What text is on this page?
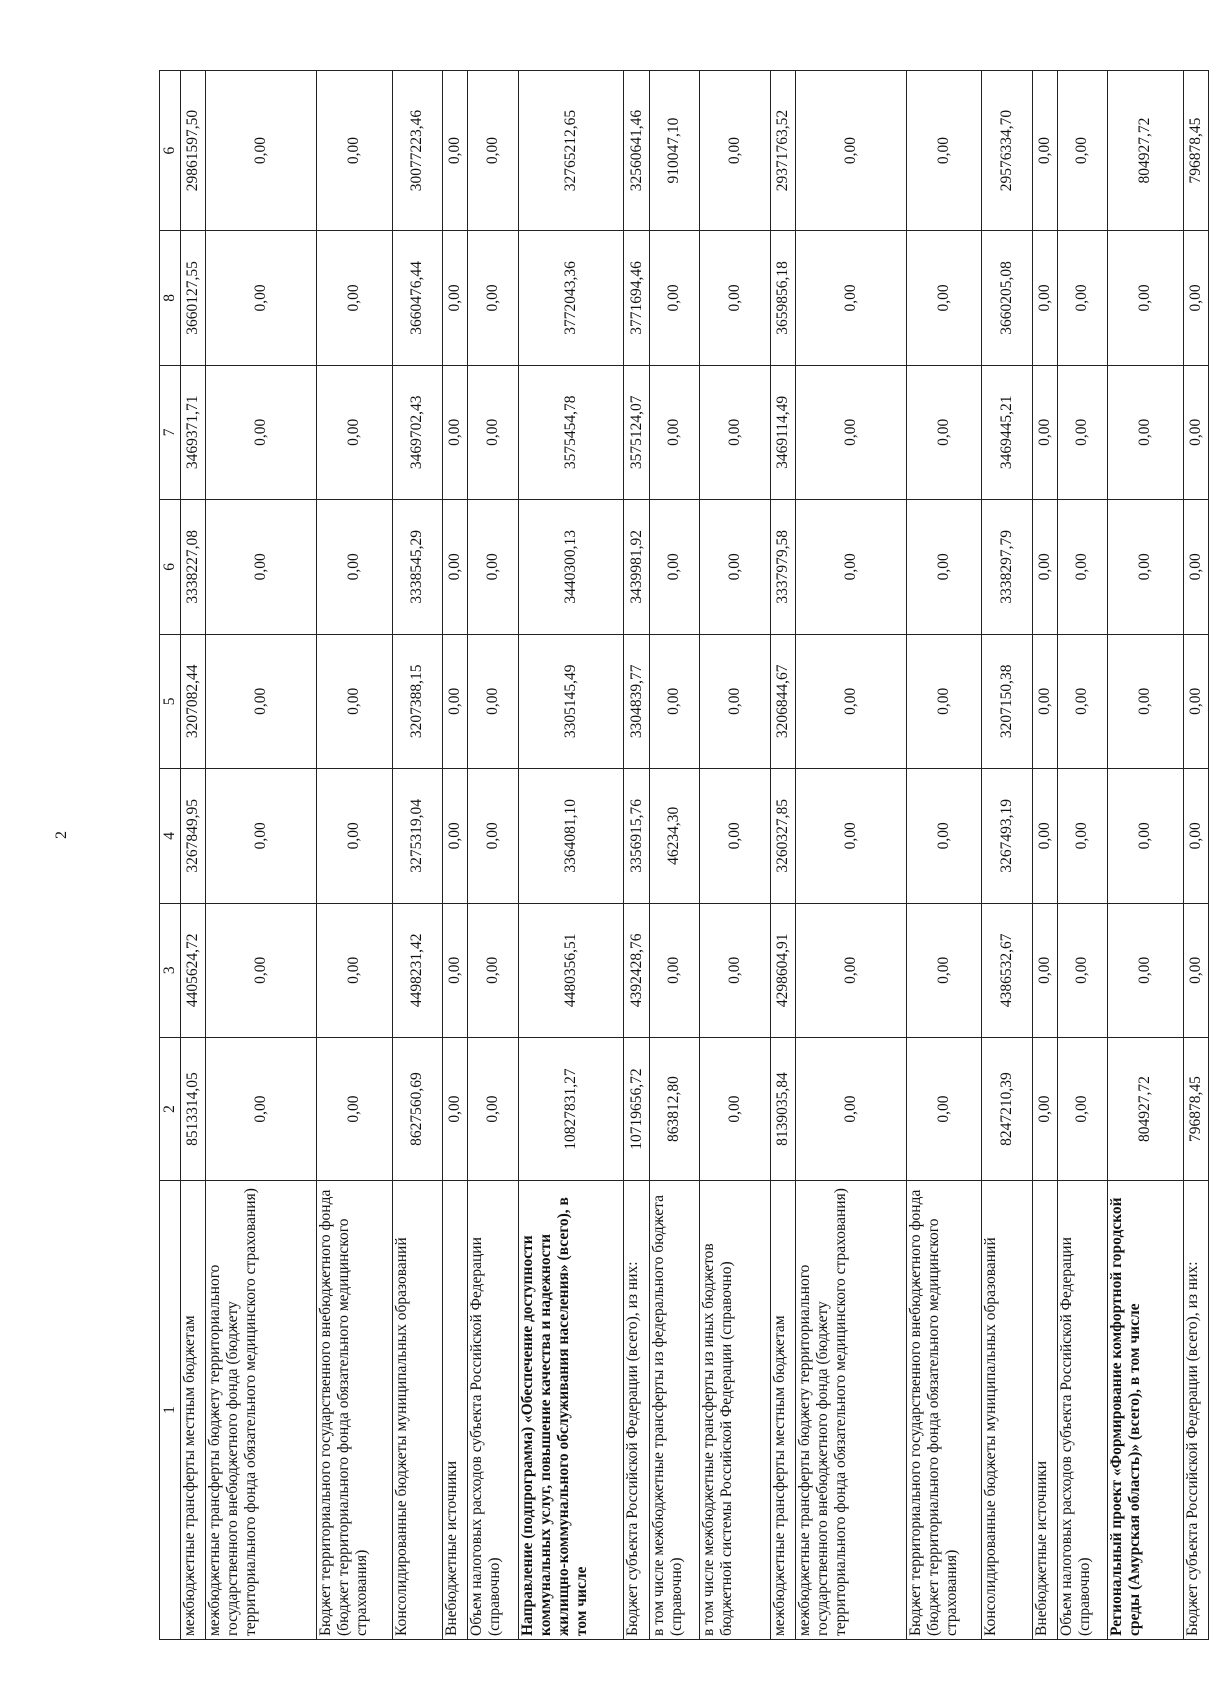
2
1	2	3	4	5	6	7	8	6
межбюджетные трансферты местным бюджетам	8513314,05	4405624,72	3267849,95	3207082,44	3338227,08	3469371,71	3660127,55	29861597,50
межбюджетные трансферты бюджету территориального государственного внебюджетного фонда (бюджету территориального фонда обязательного медицинского страхования)	0,00	0,00	0,00	0,00	0,00	0,00	0,00	0,00
Бюджет территориального государственного внебюджетного фонда (бюджет территориального фонда обязательного медицинского страхования)	0,00	0,00	0,00	0,00	0,00	0,00	0,00	0,00
Консолидированные бюджеты муниципальных образований	8627560,69	4498231,42	3275319,04	3207388,15	3338545,29	3469702,43	3660476,44	30077223,46
Внебюджетные источники	0,00	0,00	0,00	0,00	0,00	0,00	0,00	0,00
Объем налоговых расходов субъекта Российской Федерации (справочно)	0,00	0,00	0,00	0,00	0,00	0,00	0,00	0,00
Направление (подпрограмма) «Обеспечение доступности коммунальных услуг, повышение качества и надежности жилищно-коммунального обслуживания населения» (всего), в том числе	10827831,27	4480356,51	3364081,10	3305145,49	3440300,13	3575454,78	3772043,36	32765212,65
Бюджет субъекта Российской Федерации (всего), из них:	10719656,72	4392428,76	3356915,76	3304839,77	3439981,92	3575124,07	3771694,46	32560641,46
в том числе межбюджетные трансферты из федерального бюджета (справочно)	863812,80	0,00	46234,30	0,00	0,00	0,00	0,00	910047,10
в том числе межбюджетные трансферты из иных бюджетов бюджетной системы Российской Федерации (справочно)	0,00	0,00	0,00	0,00	0,00	0,00	0,00	0,00
межбюджетные трансферты местным бюджетам	8139035,84	4298604,91	3260327,85	3206844,67	3337979,58	3469114,49	3659856,18	29371763,52
межбюджетные трансферты бюджету территориального государственного внебюджетного фонда (бюджету территориального фонда обязательного медицинского страхования)	0,00	0,00	0,00	0,00	0,00	0,00	0,00	0,00
Бюджет территориального государственного внебюджетного фонда (бюджет территориального фонда обязательного медицинского страхования)	0,00	0,00	0,00	0,00	0,00	0,00	0,00	0,00
Консолидированные бюджеты муниципальных образований	8247210,39	4386532,67	3267493,19	3207150,38	3338297,79	3469445,21	3660205,08	29576334,70
Внебюджетные источники	0,00	0,00	0,00	0,00	0,00	0,00	0,00	0,00
Объем налоговых расходов субъекта Российской Федерации (справочно)	0,00	0,00	0,00	0,00	0,00	0,00	0,00	0,00
Региональный проект «Формирование комфортной городской среды (Амурская область)» (всего), в том числе	804927,72	0,00	0,00	0,00	0,00	0,00	0,00	804927,72
Бюджет субъекта Российской Федерации (всего), из них:	796878,45	0,00	0,00	0,00	0,00	0,00	0,00	796878,45
